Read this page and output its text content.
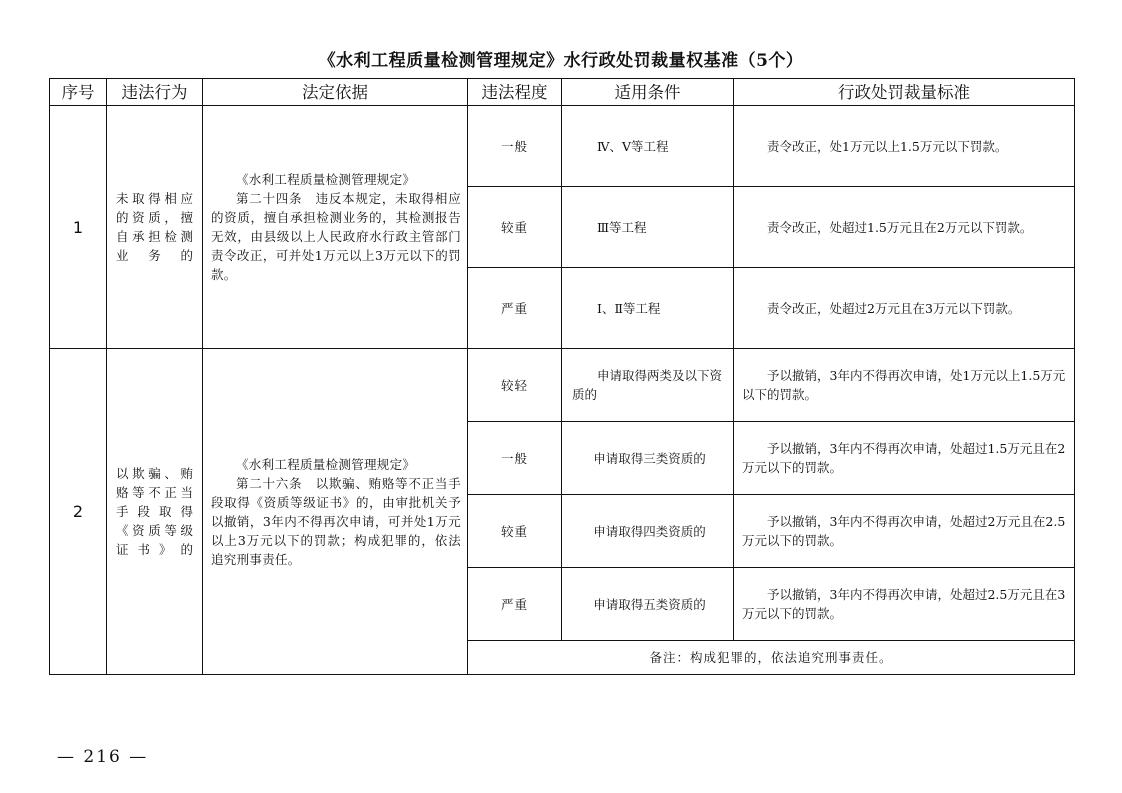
《水利工程质量检测管理规定》水行政处罚裁量权基准（5个）
序号	违法行为	法定依据	违法程度	适用条件	行政处罚裁量标准
1	未取得相应的资质，擅自承担检测业务的	《水利工程质量检测管理规定》
第二十四条　违反本规定，未取得相应的资质，擅自承担检测业务的，其检测报告无效，由县级以上人民政府水行政主管部门责令改正，可并处1万元以上3万元以下的罚款。	一般	Ⅳ、Ⅴ等工程	责令改正，处1万元以上1.5万元以下罚款。
			较重	Ⅲ等工程	责令改正，处超过1.5万元且在2万元以下罚款。
			严重	Ⅰ、Ⅱ等工程	责令改正，处超过2万元且在3万元以下罚款。
2	以欺骗、贿赂等不正当手段取得《资质等级证书》的	《水利工程质量检测管理规定》
第二十六条　以欺骗、贿赂等不正当手段取得《资质等级证书》的，由审批机关予以撤销，3年内不得再次申请，可并处1万元以上3万元以下的罚款；构成犯罪的，依法追究刑事责任。	较轻	申请取得两类及以下资质的	予以撤销，3年内不得再次申请，处1万元以上1.5万元以下的罚款。
			一般	申请取得三类资质的	予以撤销，3年内不得再次申请，处超过1.5万元且在2万元以下的罚款。
			较重	申请取得四类资质的	予以撤销，3年内不得再次申请，处超过2万元且在2.5万元以下的罚款。
			严重	申请取得五类资质的	予以撤销，3年内不得再次申请，处超过2.5万元且在3万元以下的罚款。
			备注：构成犯罪的，依法追究刑事责任。		
— 216 —
